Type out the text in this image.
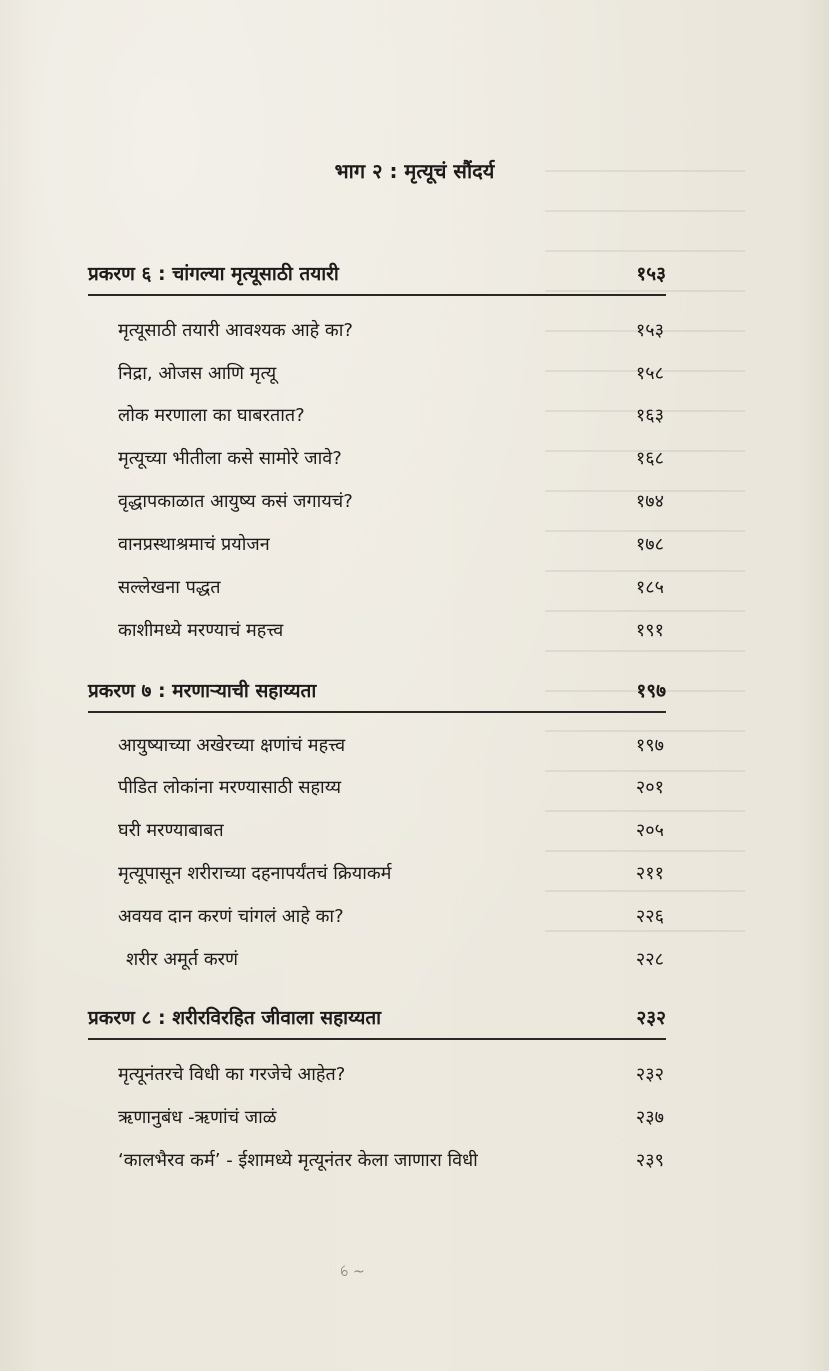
भाग २ : मृत्यूचं सौंदर्य
प्रकरण ६ : चांगल्या मृत्यूसाठी तयारी	१५३
मृत्यूसाठी तयारी आवश्यक आहे का?	१५३
निद्रा, ओजस आणि मृत्यू	१५८
लोक मरणाला का घाबरतात?	१६३
मृत्यूच्या भीतीला कसे सामोरे जावे?	१६८
वृद्धापकाळात आयुष्य कसं जगायचं?	१७४
वानप्रस्थाश्रमाचं प्रयोजन	१७८
सल्लेखना पद्धत	१८५
काशीमध्ये मरण्याचं महत्त्व	१९१
प्रकरण ७ : मरणाऱ्याची सहाय्यता	१९७
आयुष्याच्या अखेरच्या क्षणांचं महत्त्व	१९७
पीडित लोकांना मरण्यासाठी सहाय्य	२०१
घरी मरण्याबाबत	२०५
मृत्यूपासून शरीराच्या दहनापर्यंतचं क्रियाकर्म	२११
अवयव दान करणं चांगलं आहे का?	२२६
शरीर अमूर्त करणं	२२८
प्रकरण ८ : शरीरविरहित जीवाला सहाय्यता	२३२
मृत्यूनंतरचे विधी का गरजेचे आहेत?	२३२
ऋणानुबंध -ऋणांचं जाळं	२३७
‘कालभैरव कर्म’ - ईशामध्ये मृत्यूनंतर केला जाणारा विधी	२३९
ꕃ ~
